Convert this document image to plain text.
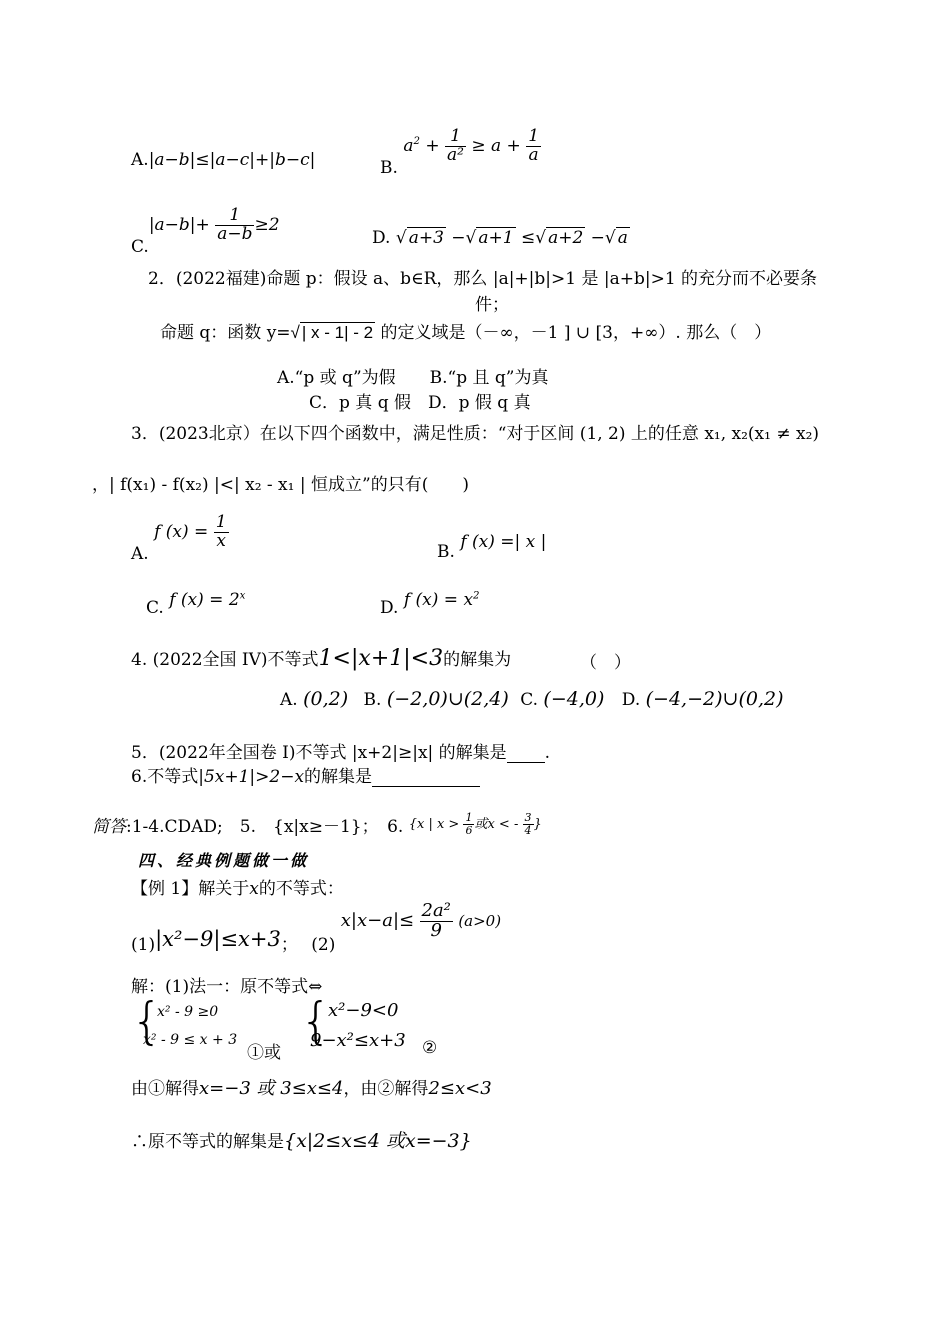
A.|a−b|≤|a−c|+|b−c|	B. $a^2 + \frac{1}{\text{a²}} \ge a + \frac{1}{a}$
$C.|a-b|+ \frac{1}{a-b} \ge 2$
D. √ a+3 −√ a+1 ≤√ a+2 −√ a
2．(2022福建)命题 p：假设 a、b∈R，那么 |a|+|b|>1 是 |a+b|>1 的充分而不必要条
件；
命题 q：函数 y=√ | x - 1| - 2 的定义域是（－∞，－1 ] ∪ [3，+∞）. 那么（　）
A.“p 或 q”为假　　B.“p 且 q”为真
C．p 真 q 假　D．p 假 q 真
3．(2023北京）在以下四个函数中，满足性质：“对于区间 (1, 2) 上的任意 x₁, x₂(x₁ ≠ x₂)
，| f(x₁) - f(x₂) |<| x₂ - x₁ | 恒成立”的只有(　　)
A. f $(x) = \frac{1}{x}$
B. f (x) =| x |
C. f $(x) = 2^x$
D. f $(x) = x^2$
4. (2022全国 IV)不等式1<|x+1|<3的解集为	（　）
A. (0,2) B. (−2,0)∪(2,4) C. (−4,0) D. (−4,−2)∪(0,2)
5．(2022年全国卷 I)不等式 |x+2|≥|x| 的解集是 .
6.不等式|5x+1|>2−x的解集是
简答:1-4.CDAD;　5.　{x|x≥－1}；　6. $^{\{x | x > \frac{1}{6} 或x < - \frac{3}{4} \}}$
四、经典例题做一做
【例 1】解关于x的不等式：
(1)|x²−9|≤x+3； (2) $x|x-a|\le \frac{\text{2a²}}{9} (a>0)$
解：(1)法一：原不等式⇔
{
x² - 9 ≥0
x² - 9 ≤ x + 3
①或
{
x²−9<0
9−x²≤x+3 ②
由①解得x=−3 或 3≤x≤4，由②解得2≤x<3
∴原不等式的解集是{x|2≤x≤4 或x=−3}
